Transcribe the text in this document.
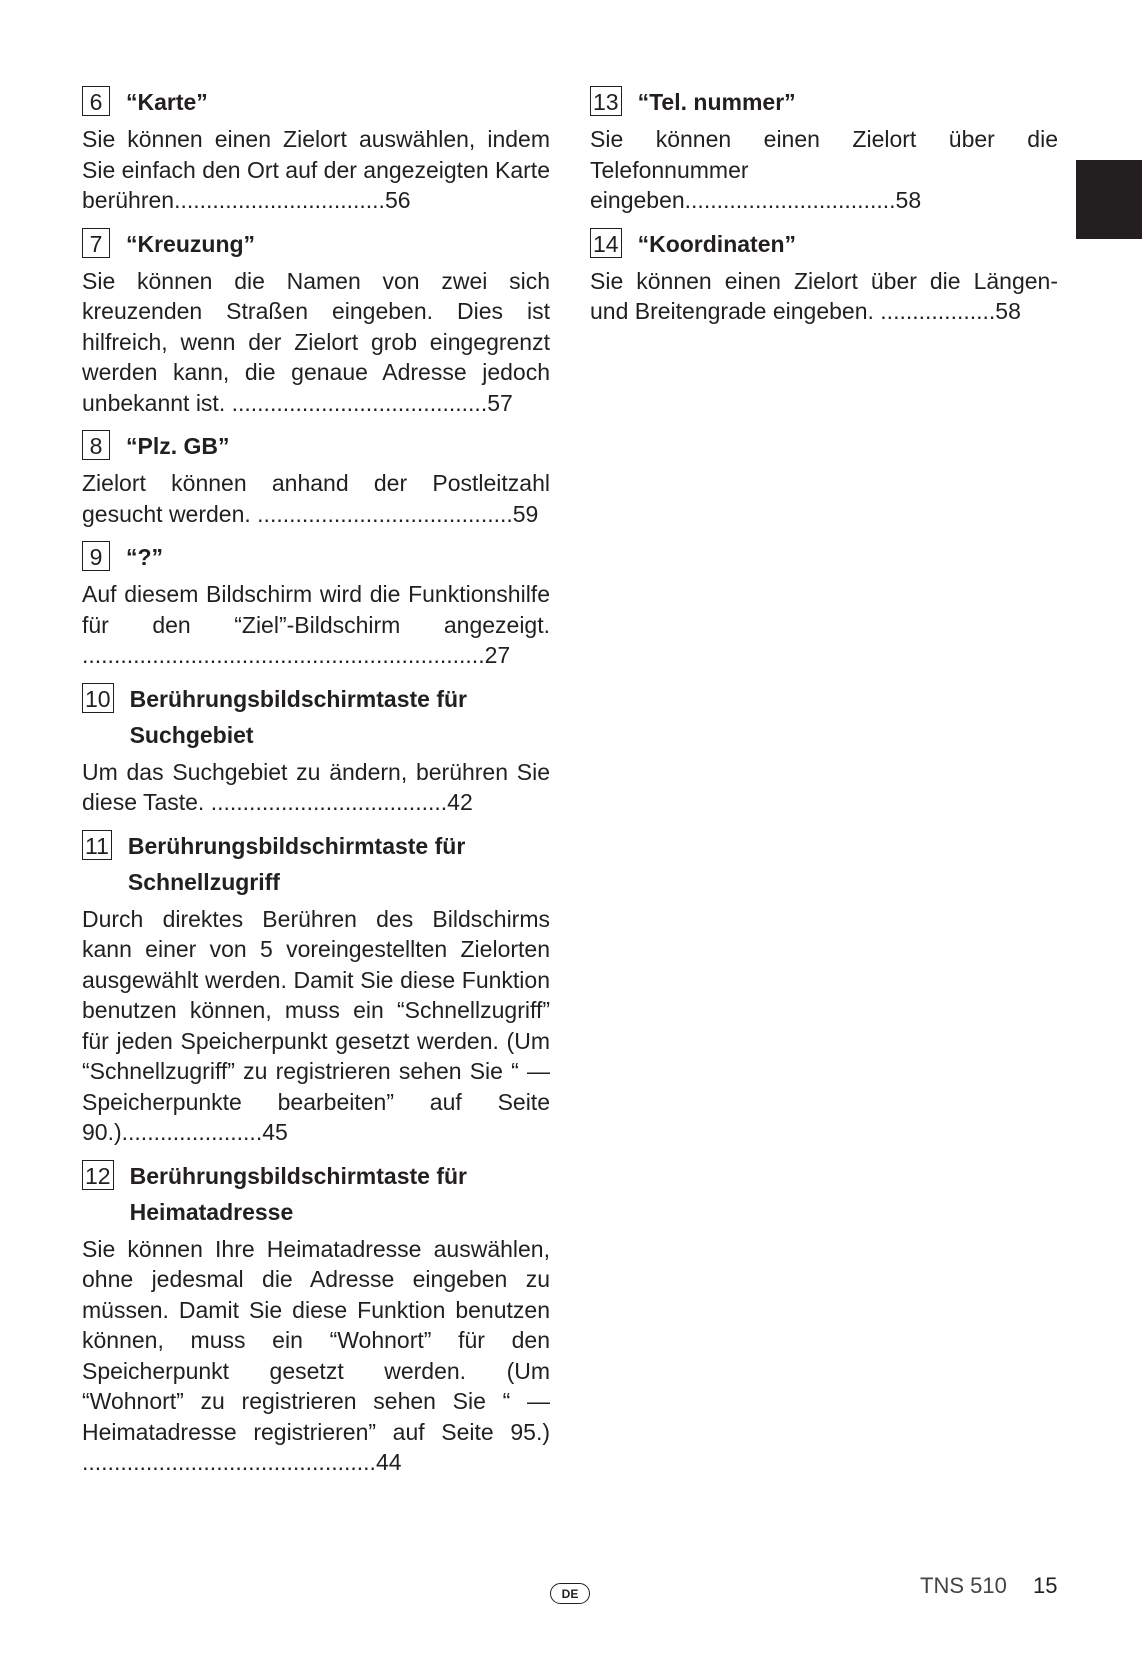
6	“Karte”
Sie können einen Zielort auswählen, indem Sie einfach den Ort auf der angezeigten Karte berühren.................................56
7	“Kreuzung”
Sie können die Namen von zwei sich kreuzenden Straßen eingeben. Dies ist hilfreich, wenn der Zielort grob eingegrenzt werden kann, die genaue Adresse jedoch unbekannt ist. ........................................57
8	“Plz. GB”
Zielort können anhand der Postleitzahl gesucht werden. ........................................59
9	“?”
Auf diesem Bildschirm wird die Funktionshilfe für den “Ziel”-Bildschirm angezeigt. ...............................................................27
10 Berührungsbildschirmtaste für Suchgebiet
Um das Suchgebiet zu ändern, berühren Sie diese Taste. .....................................42
11 Berührungsbildschirmtaste für Schnellzugriff
Durch direktes Berühren des Bildschirms kann einer von 5 voreingestellten Zielorten ausgewählt werden. Damit Sie diese Funktion benutzen können, muss ein “Schnellzugriff” für jeden Speicherpunkt gesetzt werden. (Um “Schnellzugriff” zu registrieren sehen Sie “ — Speicherpunkte bearbeiten” auf Seite 90.)......................45
12 Berührungsbildschirmtaste für Heimatadresse
Sie können Ihre Heimatadresse auswählen, ohne jedesmal die Adresse eingeben zu müssen. Damit Sie diese Funktion benutzen können, muss ein “Wohnort” für den Speicherpunkt gesetzt werden. (Um “Wohnort” zu registrieren sehen Sie “ — Heimatadresse registrieren” auf Seite 95.) ..............................................44
13 “Tel. nummer”
Sie können einen Zielort über die Telefonnummer eingeben.................................58
14 “Koordinaten”
Sie können einen Zielort über die Längen- und Breitengrade eingeben. ..................58
DE	TNS 510 15
